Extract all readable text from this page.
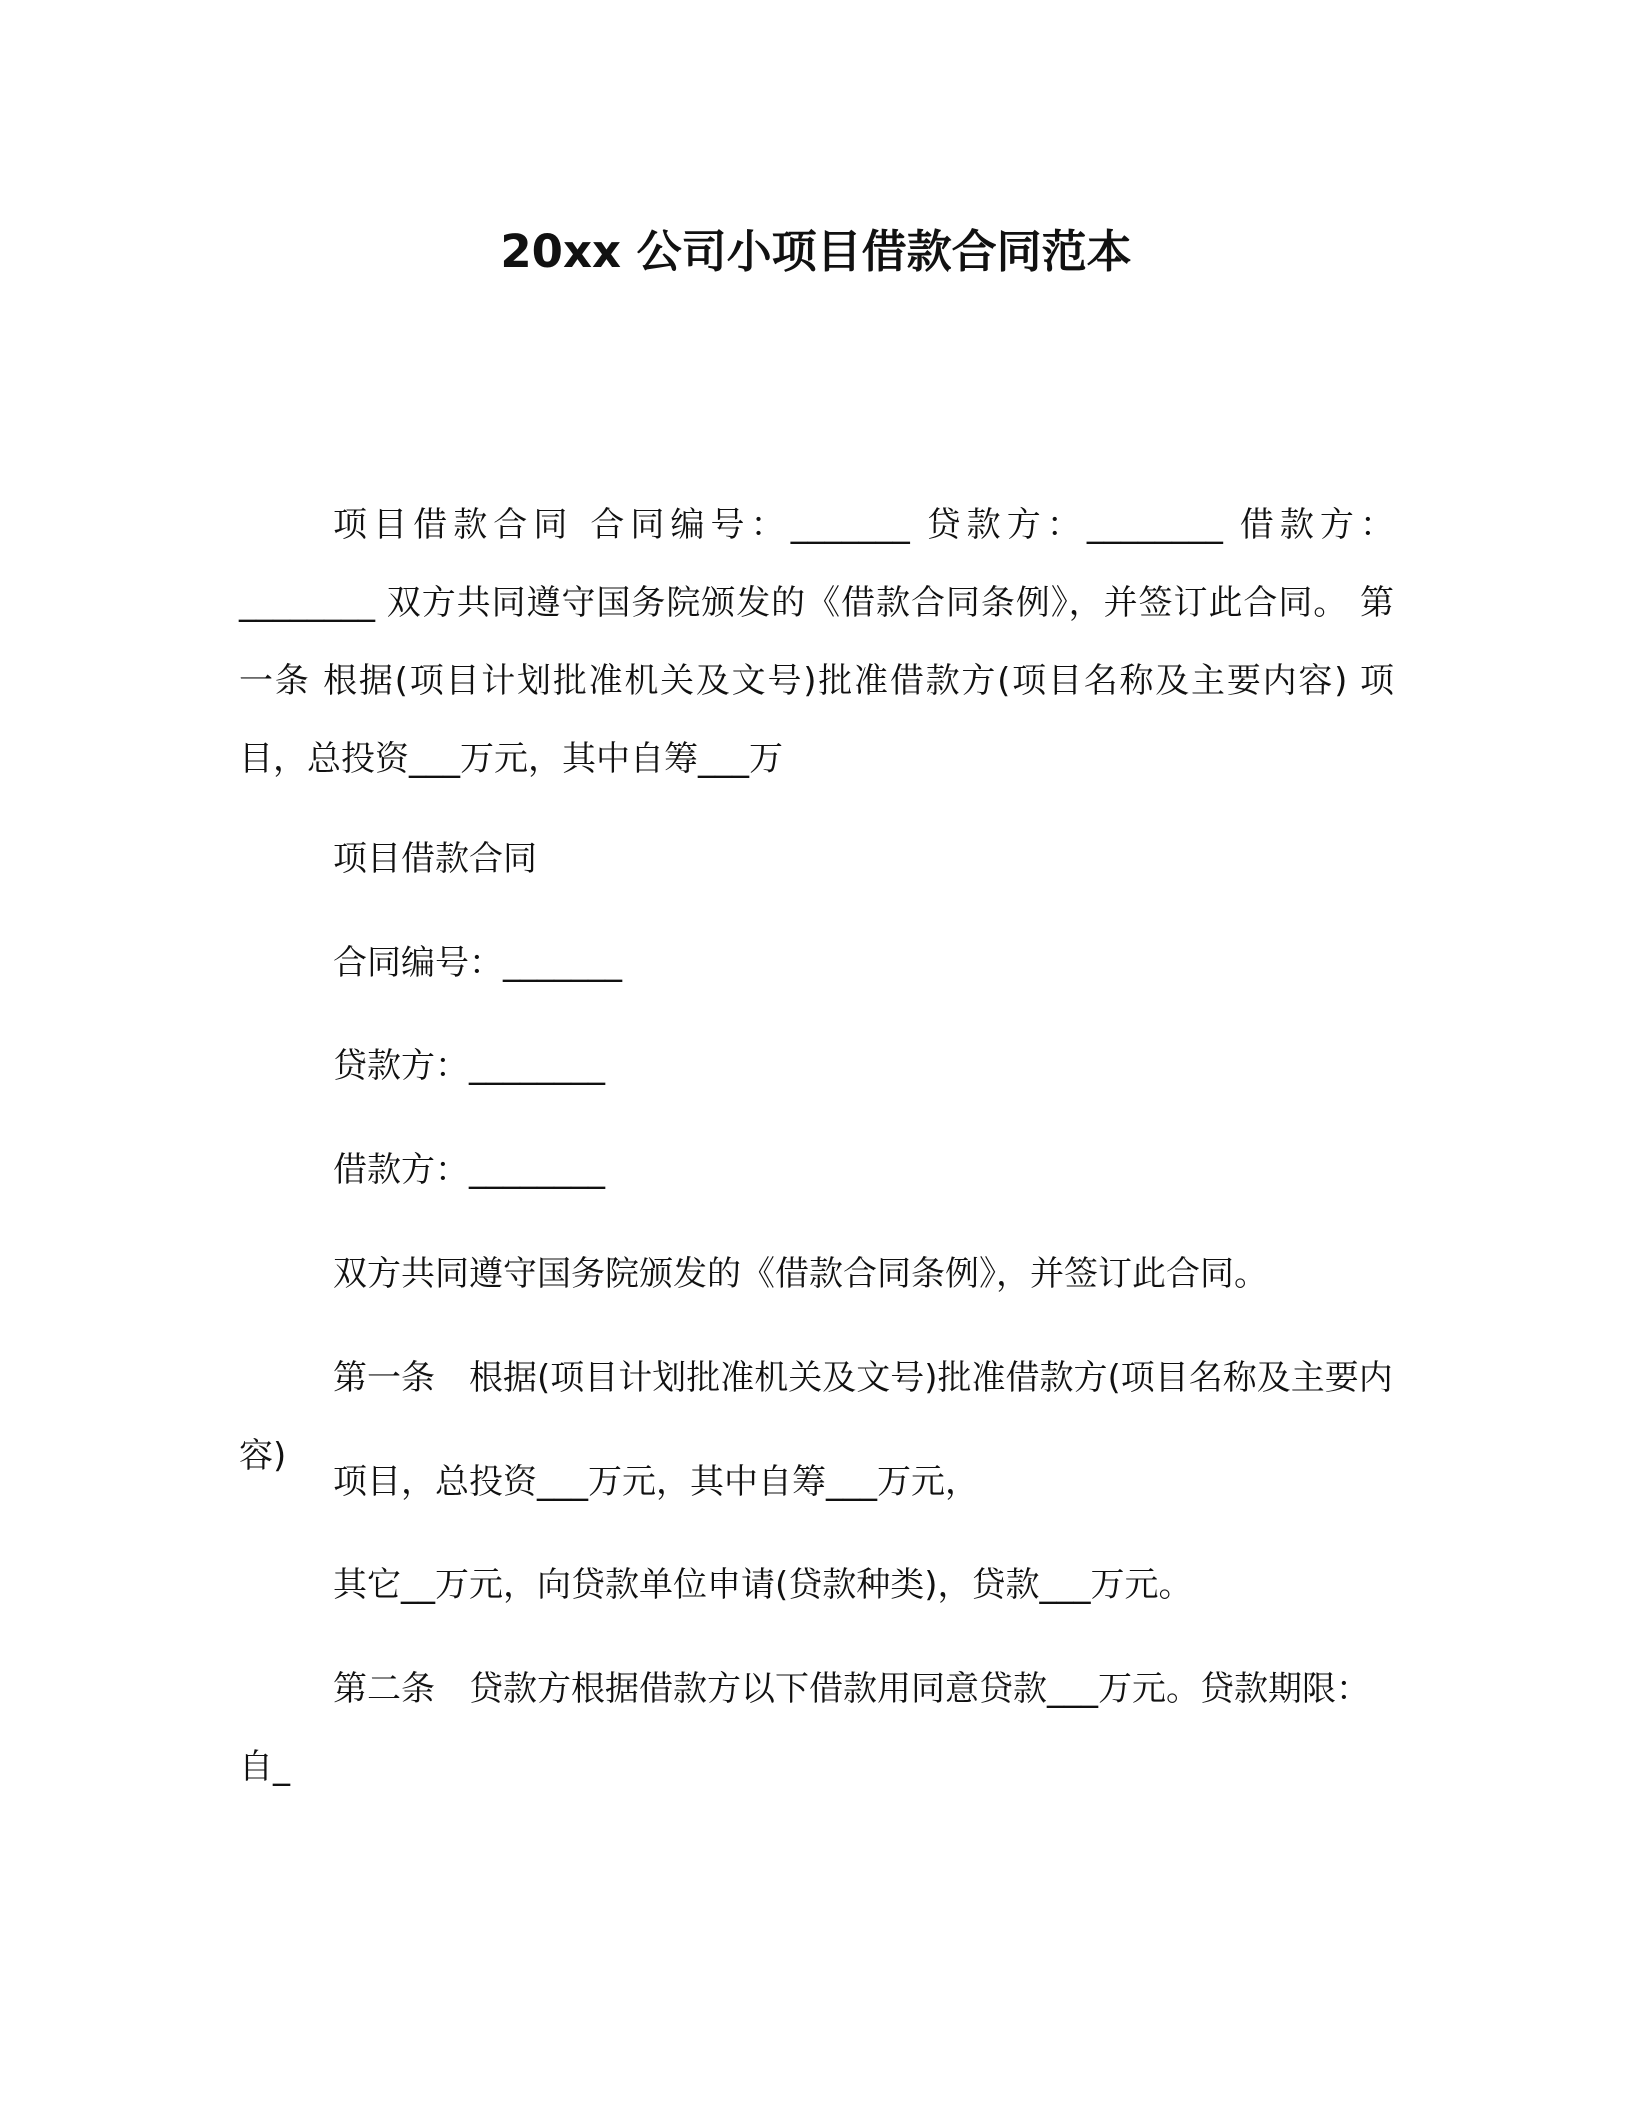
20xx 公司小项目借款合同范本

项目借款合同 合同编号：_______ 贷款方：________ 借款方：________ 双方共同遵守国务院颁发的《借款合同条例》，并签订此合同。 第一条 根据(项目计划批准机关及文号)批准借款方(项目名称及主要内容) 项目，总投资___万元，其中自筹___万

项目借款合同

合同编号：_______

贷款方：________

借款方：________

双方共同遵守国务院颁发的《借款合同条例》，并签订此合同。

第一条　根据(项目计划批准机关及文号)批准借款方(项目名称及主要内容)

项目，总投资___万元，其中自筹___万元，

其它__万元，向贷款单位申请(贷款种类)，贷款___万元。

第二条　贷款方根据借款方以下借款用同意贷款___万元。贷款期限：自_
